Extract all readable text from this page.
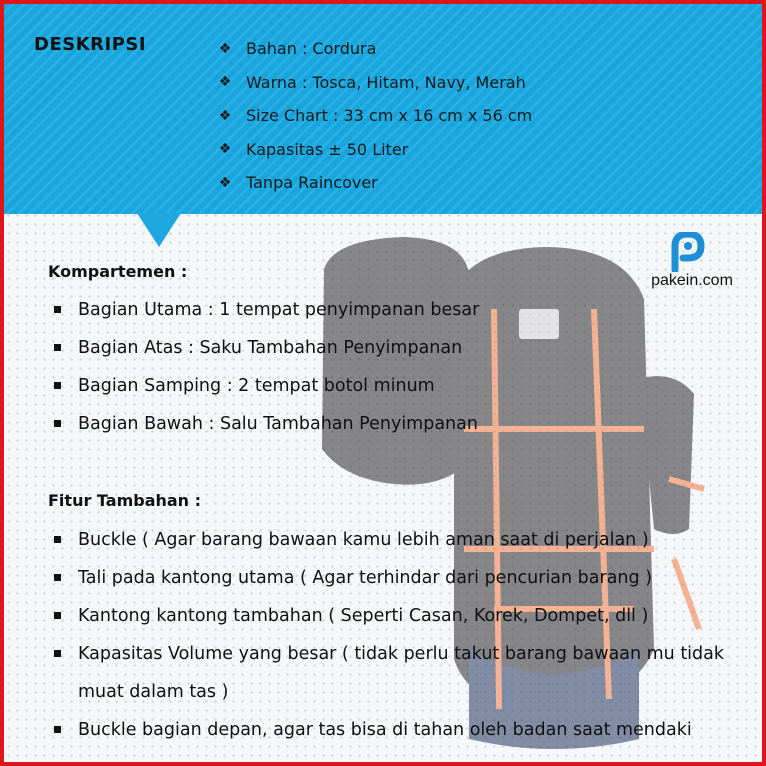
DESKRIPSI	❖ Bahan : Cordura
❖ Warna : Tosca, Hitam, Navy, Merah
❖ Size Chart : 33 cm x 16 cm x 56 cm
❖ Kapasitas ± 50 Liter
❖ Tanpa Raincover
pakein.com
Kompartemen :
Bagian Utama : 1 tempat penyimpanan besar
Bagian Atas : Saku Tambahan Penyimpanan
Bagian Samping : 2 tempat botol minum
Bagian Bawah : Salu Tambahan Penyimpanan
Fitur Tambahan :
Buckle ( Agar barang bawaan kamu lebih aman saat di perjalan )
Tali pada kantong utama ( Agar terhindar dari pencurian barang )
Kantong kantong tambahan ( Seperti Casan, Korek, Dompet, dll )
Kapasitas Volume yang besar ( tidak perlu takut barang bawaan mu tidak muat dalam tas )
Buckle bagian depan, agar tas bisa di tahan oleh badan saat mendaki
